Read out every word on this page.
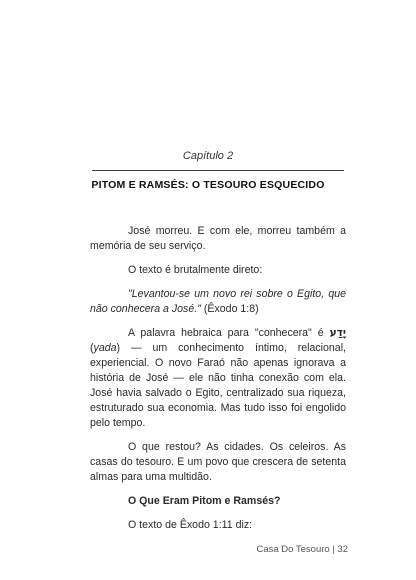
Capítulo 2
PITOM E RAMSÉS: O TESOURO ESQUECIDO

José morreu. E com ele, morreu também a memória de seu serviço.

O texto é brutalmente direto:

"Levantou-se um novo rei sobre o Egito, que não conhecera a José." (Êxodo 1:8)

A palavra hebraica para "conhecera" é יָדַע (yada) — um conhecimento íntimo, relacional, experiencial. O novo Faraó não apenas ignorava a história de José — ele não tinha conexão com ela. José havia salvado o Egito, centralizado sua riqueza, estruturado sua economia. Mas tudo isso foi engolido pelo tempo.

O que restou? As cidades. Os celeiros. As casas do tesouro. E um povo que crescera de setenta almas para uma multidão.

O Que Eram Pitom e Ramsés?

O texto de Êxodo 1:11 diz:

Casa Do Tesouro | 32
